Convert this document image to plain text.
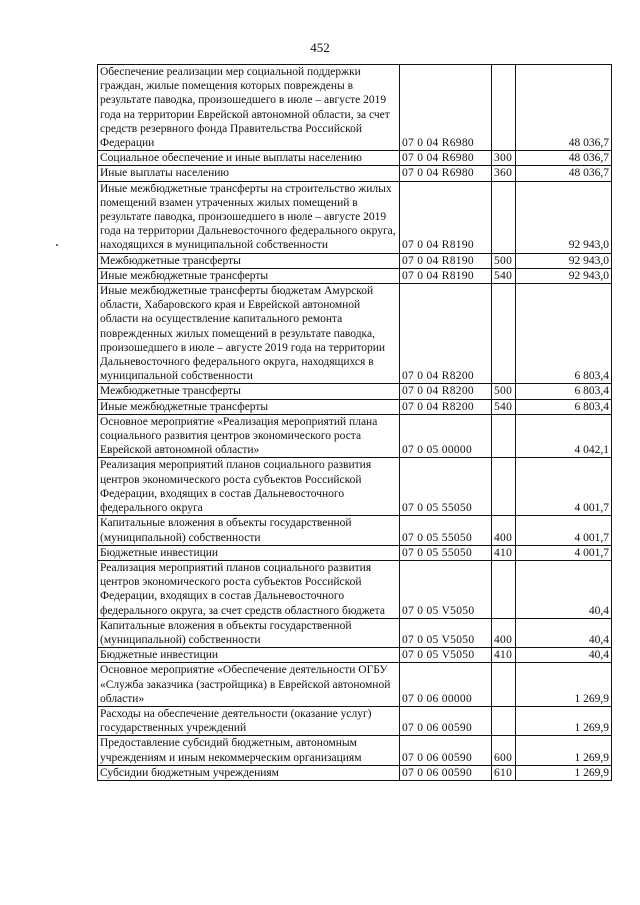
452
Обеспечение реализации мер социальной поддержки граждан, жилые помещения которых повреждены в результате паводка, произошедшего в июле – августе 2019 года на территории Еврейской автономной области, за счет средств резервного фонда Правительства Российской Федерации	07 0 04 R6980		48 036,7
Социальное обеспечение и иные выплаты населению	07 0 04 R6980	300	48 036,7
Иные выплаты населению	07 0 04 R6980	360	48 036,7
Иные межбюджетные трансферты на строительство жилых помещений взамен утраченных жилых помещений в результате паводка, произошедшего в июле – августе 2019 года на территории Дальневосточного федерального округа, находящихся в муниципальной собственности	07 0 04 R8190		92 943,0
Межбюджетные трансферты	07 0 04 R8190	500	92 943,0
Иные межбюджетные трансферты	07 0 04 R8190	540	92 943,0
Иные межбюджетные трансферты бюджетам Амурской области, Хабаровского края и Еврейской автономной области на осуществление капитального ремонта поврежденных жилых помещений в результате паводка, произошедшего в июле – августе 2019 года на территории Дальневосточного федерального округа, находящихся в муниципальной собственности	07 0 04 R8200		6 803,4
Межбюджетные трансферты	07 0 04 R8200	500	6 803,4
Иные межбюджетные трансферты	07 0 04 R8200	540	6 803,4
Основное мероприятие «Реализация мероприятий плана социального развития центров экономического роста Еврейской автономной области»	07 0 05 00000		4 042,1
Реализация мероприятий планов социального развития центров экономического роста субъектов Российской Федерации, входящих в состав Дальневосточного федерального округа	07 0 05 55050		4 001,7
Капитальные вложения в объекты государственной (муниципальной) собственности	07 0 05 55050	400	4 001,7
Бюджетные инвестиции	07 0 05 55050	410	4 001,7
Реализация мероприятий планов социального развития центров экономического роста субъектов Российской Федерации, входящих в состав Дальневосточного федерального округа, за счет средств областного бюджета	07 0 05 V5050		40,4
Капитальные вложения в объекты государственной (муниципальной) собственности	07 0 05 V5050	400	40,4
Бюджетные инвестиции	07 0 05 V5050	410	40,4
Основное мероприятие «Обеспечение деятельности ОГБУ «Служба заказчика (застройщика) в Еврейской автономной области»	07 0 06 00000		1 269,9
Расходы на обеспечение деятельности (оказание услуг) государственных учреждений	07 0 06 00590		1 269,9
Предоставление субсидий бюджетным, автономным учреждениям и иным некоммерческим организациям	07 0 06 00590	600	1 269,9
Субсидии бюджетным учреждениям	07 0 06 00590	610	1 269,9
